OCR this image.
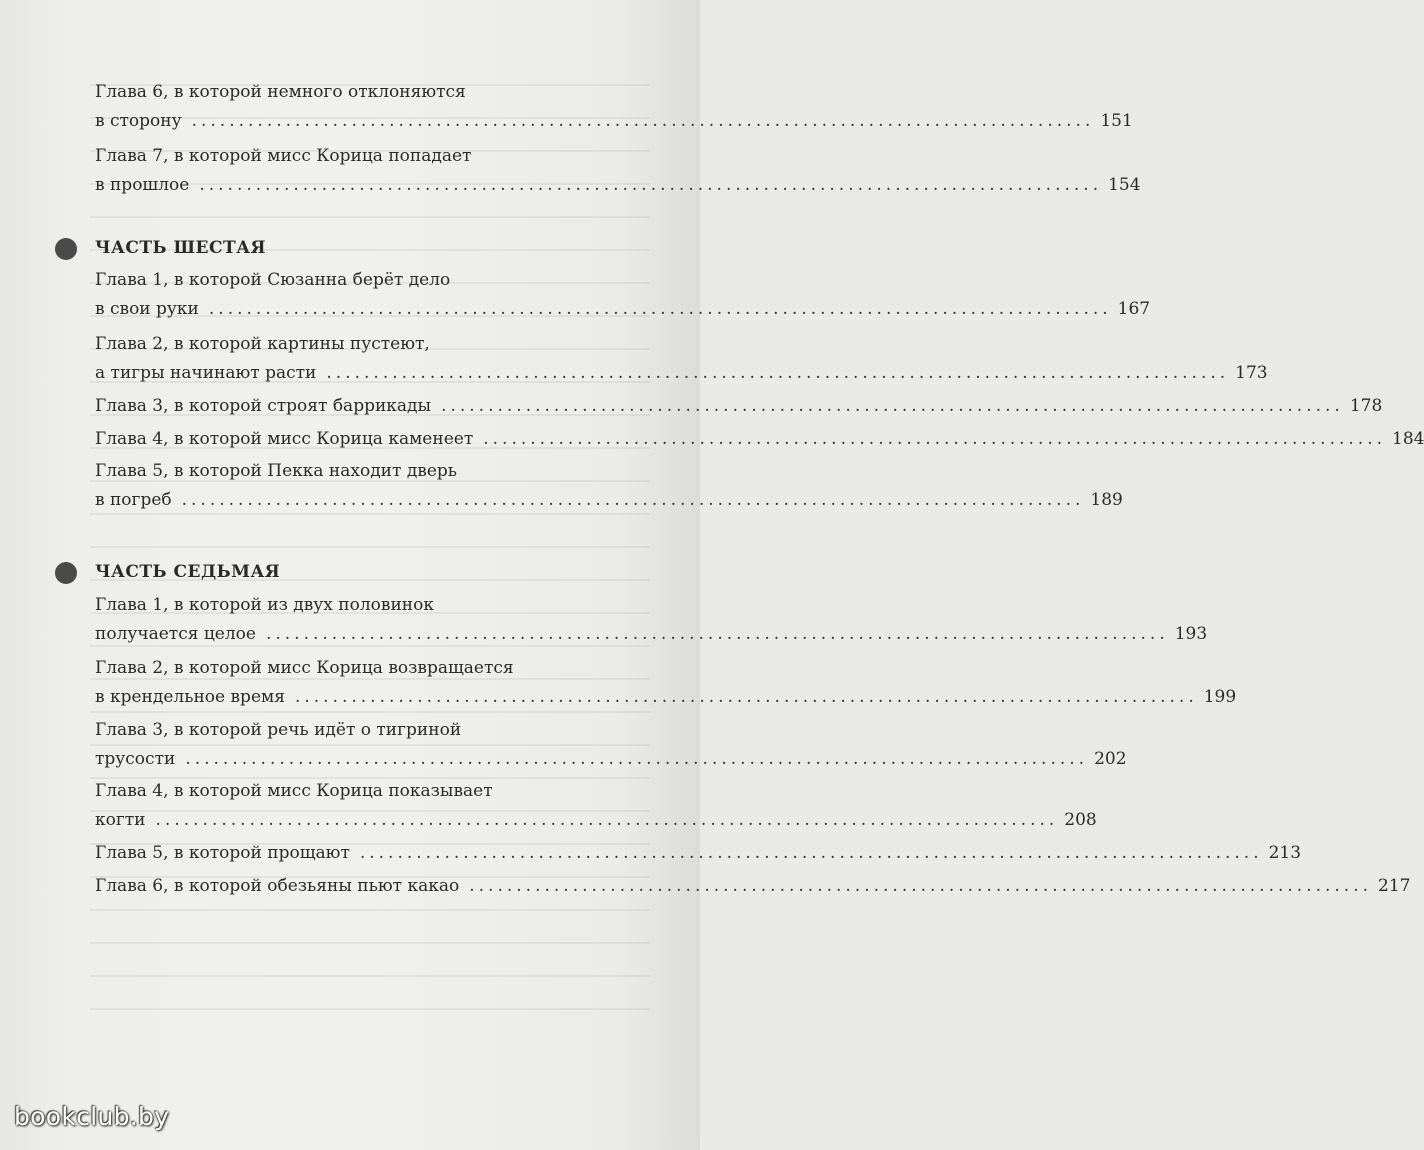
Глава 6, в которой немного отклоняются
в сторону ................................................................................................ 151
Глава 7, в которой мисс Корица попадает
в прошлое ................................................................................................ 154
ЧАСТЬ ШЕСТАЯ
Глава 1, в которой Сюзанна берёт дело
в свои руки ................................................................................................ 167
Глава 2, в которой картины пустеют,
а тигры начинают расти ................................................................................................ 173
Глава 3, в которой строят баррикады ................................................................................................ 178
Глава 4, в которой мисс Корица каменеет ................................................................................................ 184
Глава 5, в которой Пекка находит дверь
в погреб ................................................................................................ 189
ЧАСТЬ СЕДЬМАЯ
Глава 1, в которой из двух половинок
получается целое ................................................................................................ 193
Глава 2, в которой мисс Корица возвращается
в крендельное время ................................................................................................ 199
Глава 3, в которой речь идёт о тигриной
трусости ................................................................................................ 202
Глава 4, в которой мисс Корица показывает
когти ................................................................................................ 208
Глава 5, в которой прощают ................................................................................................ 213
Глава 6, в которой обезьяны пьют какао ................................................................................................ 217
bookclub.by
